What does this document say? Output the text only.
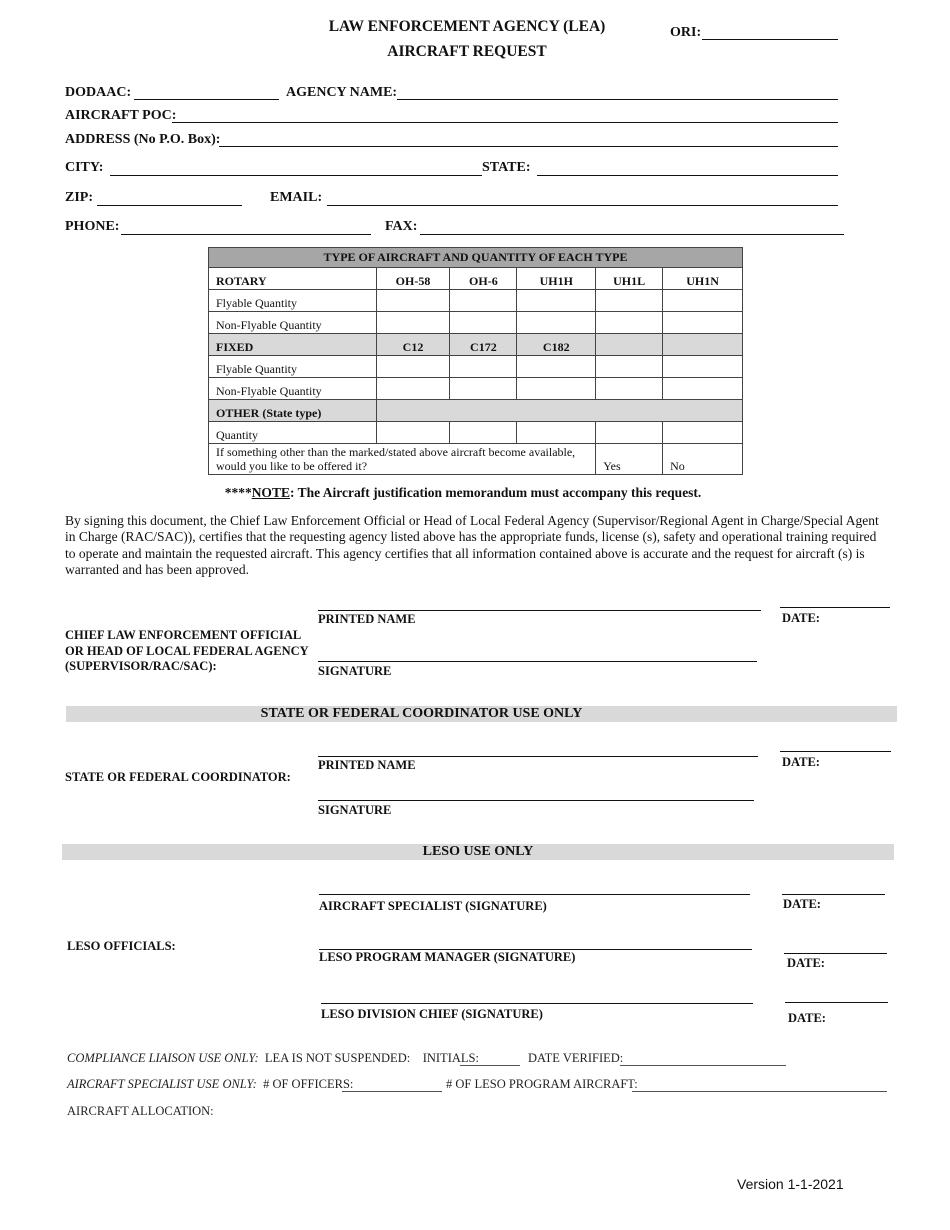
LAW ENFORCEMENT AGENCY (LEA)
AIRCRAFT REQUEST
ORI:
DODAAC:	AGENCY NAME:
AIRCRAFT POC:
ADDRESS (No P.O. Box):
CITY:	STATE:
ZIP:	EMAIL:
PHONE:	FAX:
TYPE OF AIRCRAFT AND QUANTITY OF EACH TYPE					
ROTARY	OH-58	OH-6	UH1H	UH1L	UH1N
Flyable Quantity					
Non-Flyable Quantity					
FIXED	C12	C172	C182		
Flyable Quantity					
Non-Flyable Quantity					
OTHER (State type)					
Quantity					
If something other than the marked/stated above aircraft become available, would you like to be offered it?				Yes	No
****NOTE: The Aircraft justification memorandum must accompany this request.
By signing this document, the Chief Law Enforcement Official or Head of Local Federal Agency (Supervisor/Regional Agent in Charge/Special Agent in Charge (RAC/SAC)), certifies that the requesting agency listed above has the appropriate funds, license (s), safety and operational training required to operate and maintain the requested aircraft. This agency certifies that all information contained above is accurate and the request for aircraft (s) is warranted and has been approved.
CHIEF LAW ENFORCEMENT OFFICIAL OR HEAD OF LOCAL FEDERAL AGENCY (SUPERVISOR/RAC/SAC):
PRINTED NAME	DATE:
SIGNATURE
STATE OR FEDERAL COORDINATOR USE ONLY
STATE OR FEDERAL COORDINATOR:
PRINTED NAME	DATE:
SIGNATURE
LESO USE ONLY
LESO OFFICIALS:
AIRCRAFT SPECIALIST (SIGNATURE)	DATE:
LESO PROGRAM MANAGER (SIGNATURE)	DATE:
LESO DIVISION CHIEF (SIGNATURE)	DATE:
COMPLIANCE LIAISON USE ONLY: LEA IS NOT SUSPENDED: INITIALS:	DATE VERIFIED:
AIRCRAFT SPECIALIST USE ONLY: # OF OFFICERS:	# OF LESO PROGRAM AIRCRAFT:
AIRCRAFT ALLOCATION:
Version 1-1-2021
